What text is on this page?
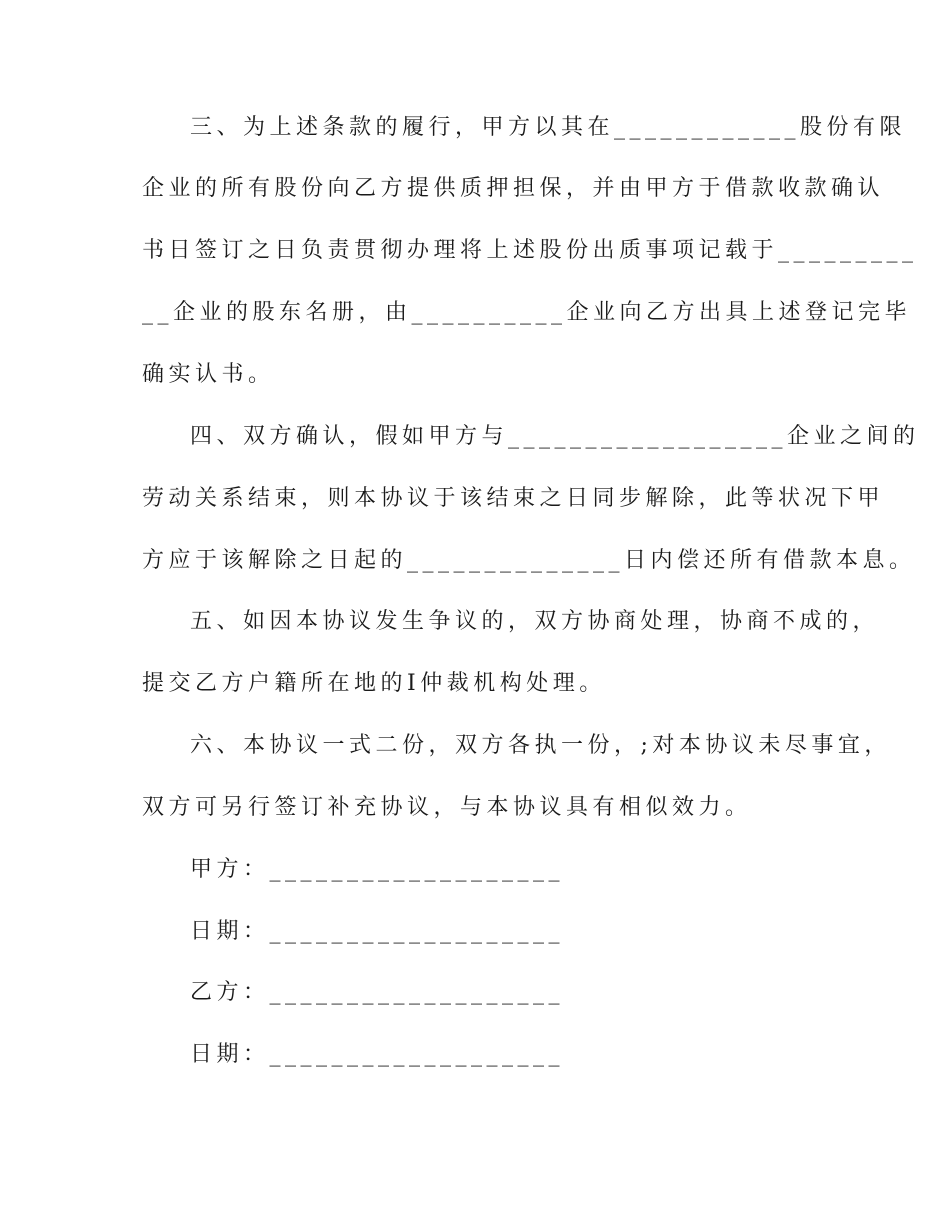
三、为上述条款的履行，甲方以其在____________股份有限
企业的所有股份向乙方提供质押担保，并由甲方于借款收款确认
书日签订之日负责贯彻办理将上述股份出质事项记载于_________
__企业的股东名册，由__________企业向乙方出具上述登记完毕
确实认书。
四、双方确认，假如甲方与__________________企业之间的
劳动关系结束，则本协议于该结束之日同步解除，此等状况下甲
方应于该解除之日起的______________日内偿还所有借款本息。
五、如因本协议发生争议的，双方协商处理，协商不成的，
提交乙方户籍所在地的I仲裁机构处理。
六、本协议一式二份，双方各执一份，;对本协议未尽事宜，
双方可另行签订补充协议，与本协议具有相似效力。
甲方：___________________
日期：___________________
乙方：___________________
日期：___________________
